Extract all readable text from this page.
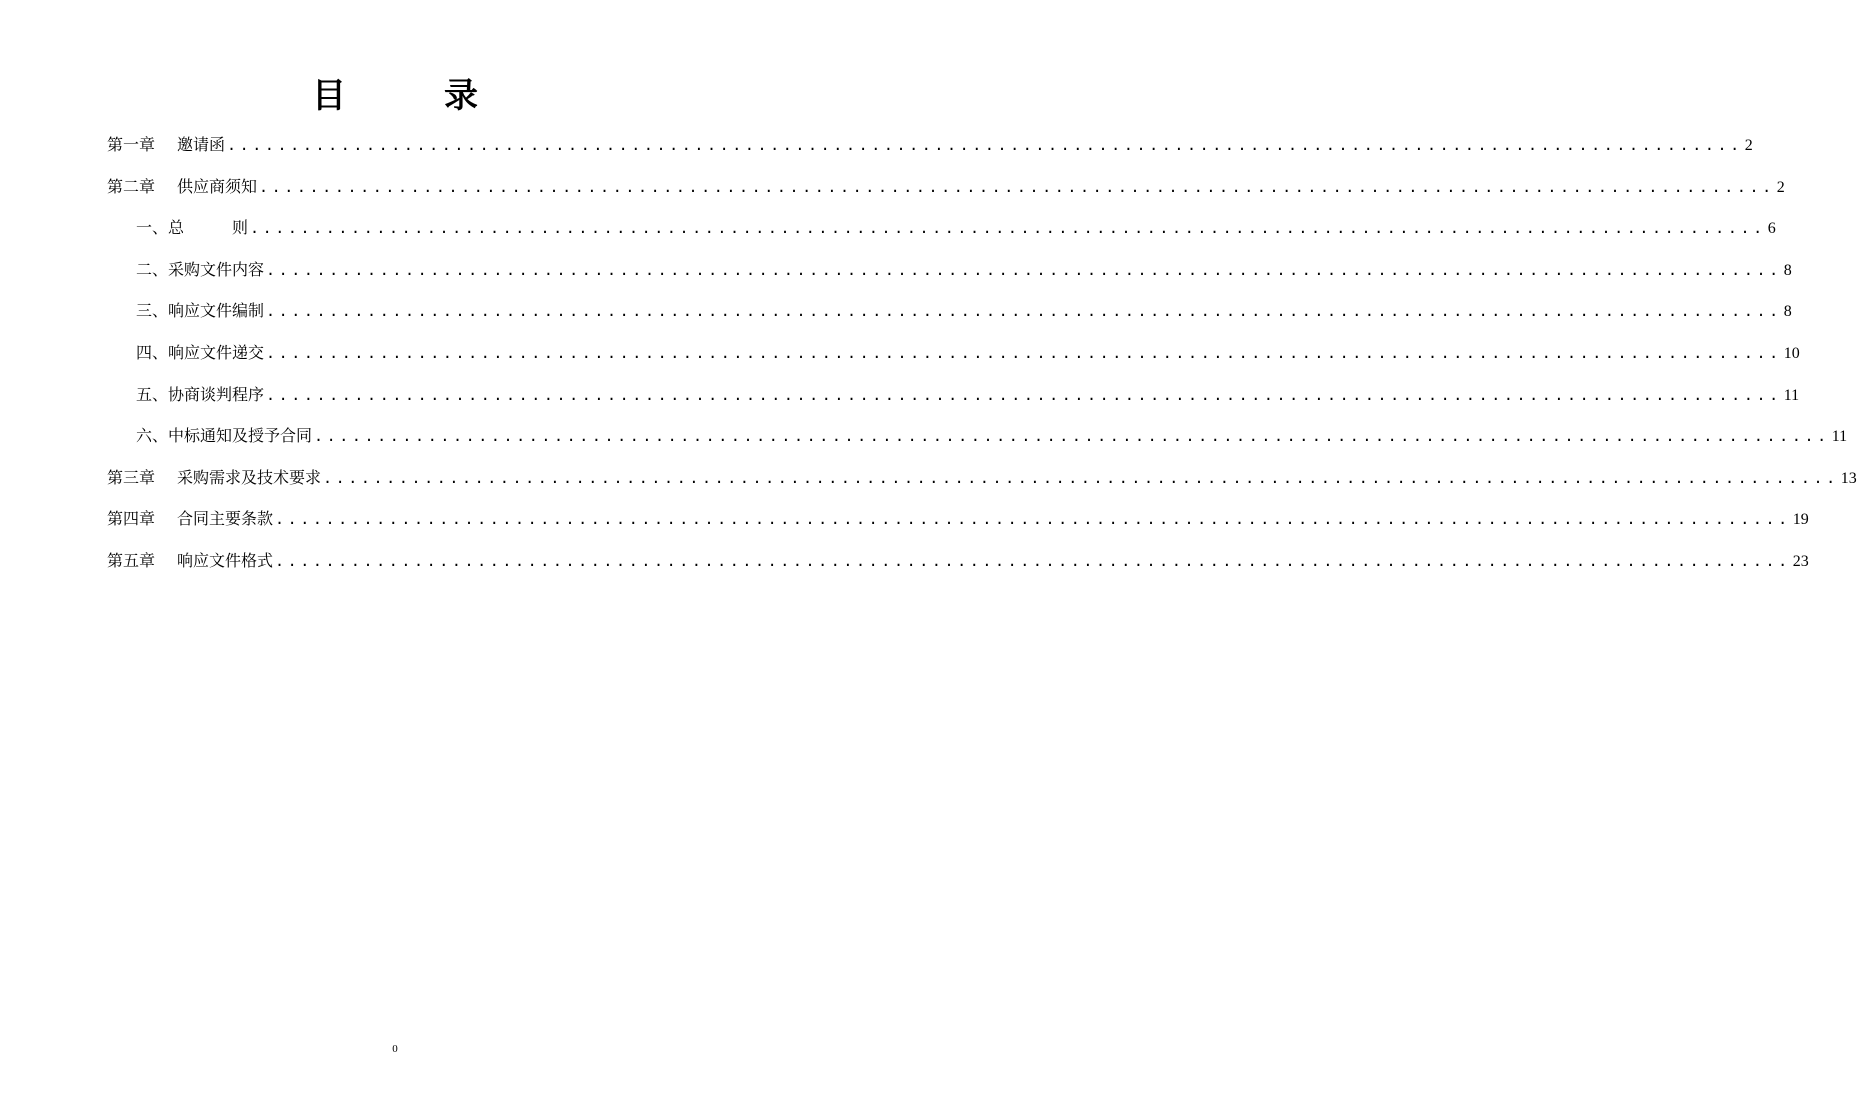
目　录
第一章 邀请函 ........................................................................................................................ 2
第二章 供应商须知 ........................................................................................................................ 2
一、总　　　则 ........................................................................................................................ 6
二、采购文件内容 ........................................................................................................................ 8
三、响应文件编制 ........................................................................................................................ 8
四、响应文件递交 ........................................................................................................................ 10
五、协商谈判程序 ........................................................................................................................ 11
六、中标通知及授予合同 ........................................................................................................................ 11
第三章 采购需求及技术要求 ........................................................................................................................ 13
第四章 合同主要条款 ........................................................................................................................ 19
第五章 响应文件格式 ........................................................................................................................ 23
0
